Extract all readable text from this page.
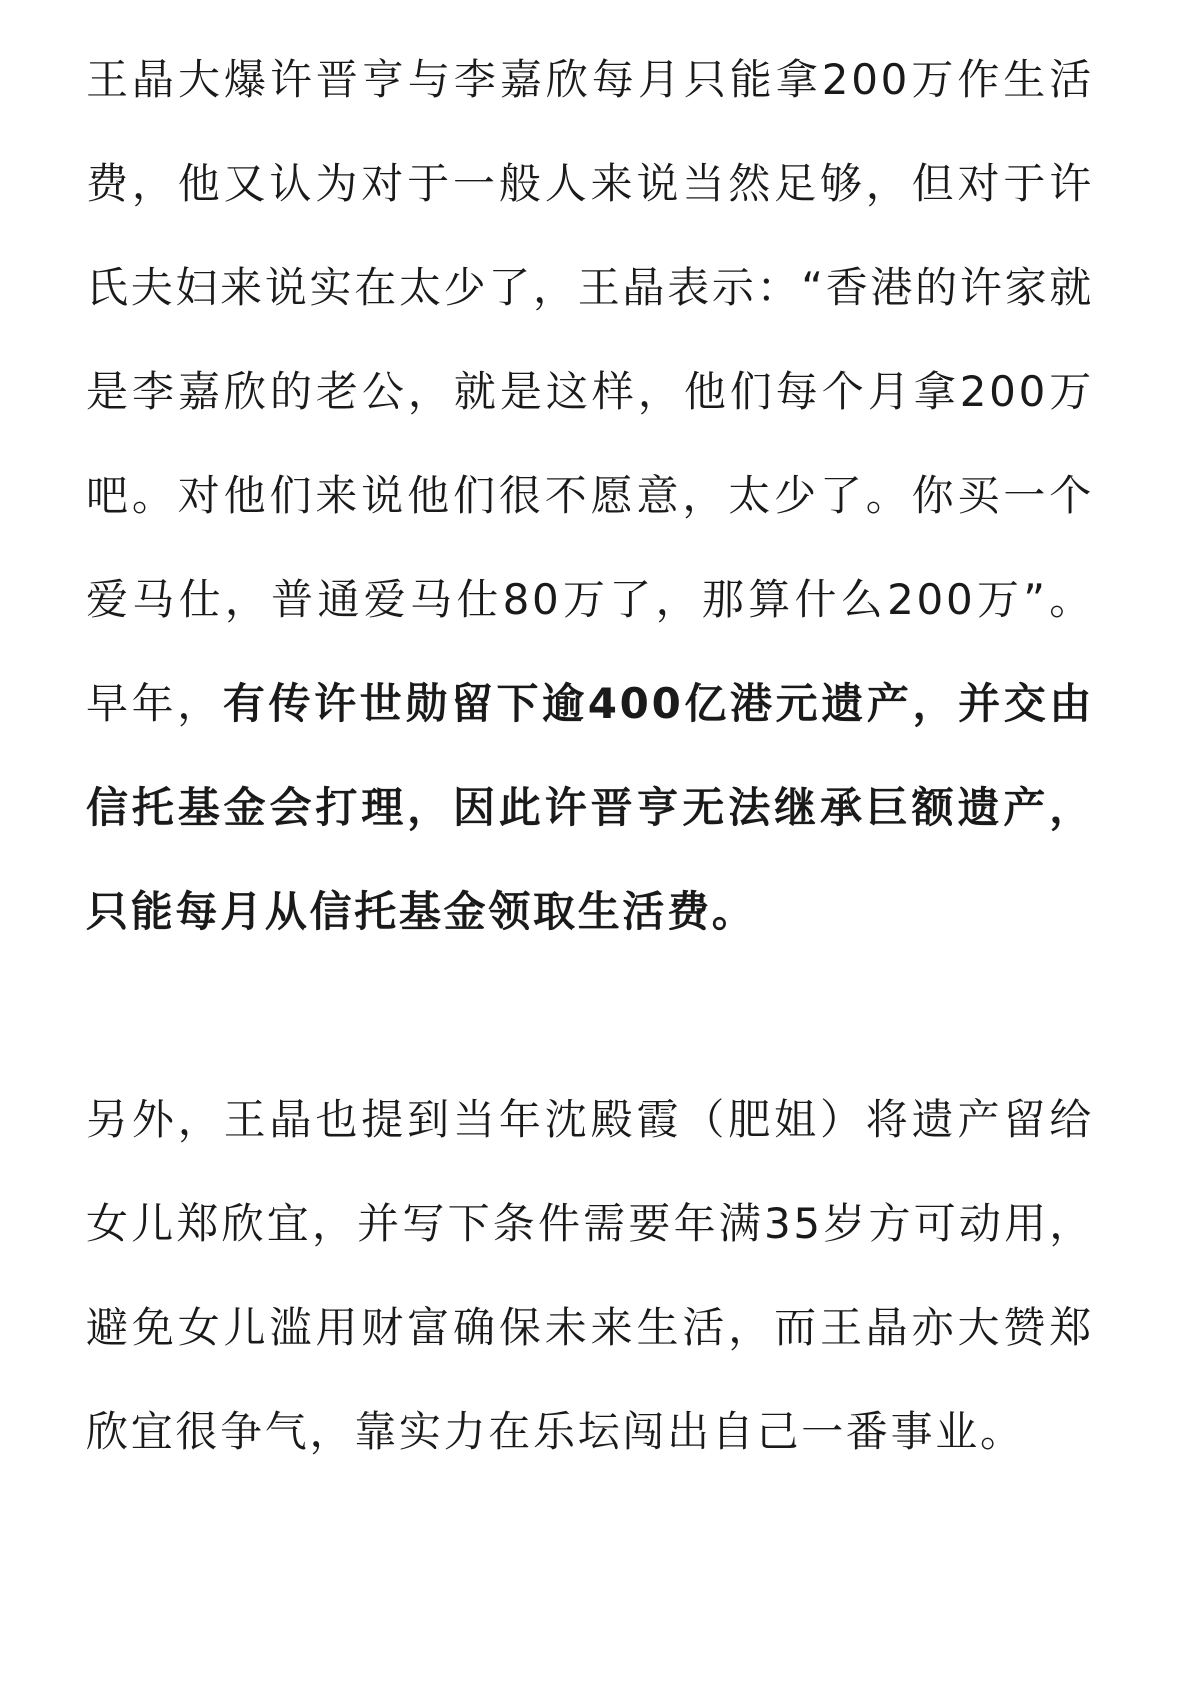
王晶大爆许晋亨与李嘉欣每月只能拿200万作生活费，他又认为对于一般人来说当然足够，但对于许氏夫妇来说实在太少了，王晶表示：“香港的许家就是李嘉欣的老公，就是这样，他们每个月拿200万吧。对他们来说他们很不愿意，太少了。你买一个爱马仕，普通爱马仕80万了，那算什么200万”。早年，有传许世勋留下逾400亿港元遗产，并交由信托基金会打理，因此许晋亨无法继承巨额遗产，只能每月从信托基金领取生活费。

另外，王晶也提到当年沈殿霞（肥姐）将遗产留给女儿郑欣宜，并写下条件需要年满35岁方可动用，避免女儿滥用财富确保未来生活，而王晶亦大赞郑欣宜很争气，靠实力在乐坛闯出自己一番事业。
